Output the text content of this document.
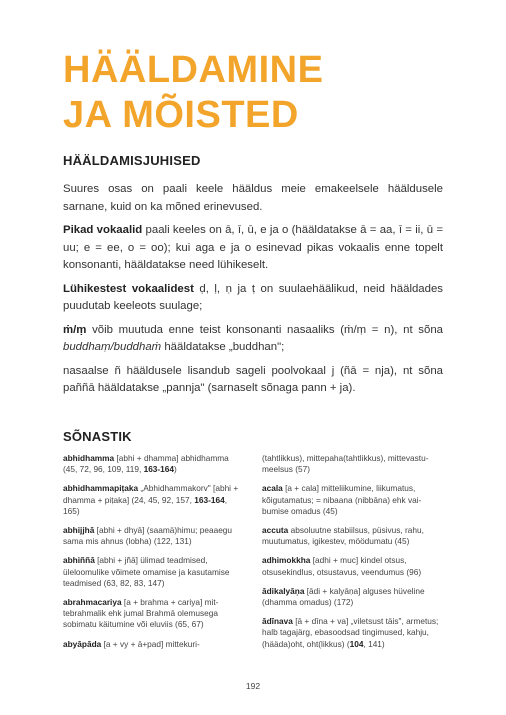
HÄÄLDAMINE
JA MÕISTED
HÄÄLDAMISJUHISED

Suures osas on paali keele hääldus meie emakeelsele hääldusele sarnane, kuid on ka mõned erinevused.

Pikad vokaalid paali keeles on ā, ī, ū, e ja o (hääldatakse ā = aa, ī = ii, ū = uu; e = ee, o = oo); kui aga e ja o esinevad pikas vokaalis enne topelt konsonanti, hääldatakse need lühikeselt.

Lühikestest vokaalidest ḍ, ḷ, ṇ ja ṭ on suulaehäälikud, neid hääldades puudutab keeleots suulage;

ṁ/ṃ võib muutuda enne teist konsonanti nasaaliks (ṁ/ṃ = n), nt sõna buddhaṃ/buddhaṁ hääldatakse „buddhan";

nasaalse ñ hääldusele lisandub sageli poolvokaal j (ñā = nja), nt sõna paññā hääldatakse „pannja" (sarnaselt sõnaga pann + ja).

SÕNASTIK
abhidhamma [abhi + dhamma] abhidhamma (45, 72, 96, 109, 119, 163-164)
abhidhammapiṭaka „Abhidhammakorv" [abhi + dhamma + piṭaka] (24, 45, 92, 157, 163-164, 165)
abhijjhā [abhi + dhyā] (saamä)himu; peaaegu sama mis ahnus (lobha) (122, 131)
abhiññā [abhi + jñā] ülimad teadmised, üleloomulike võimete omamise ja kasutamise teadmised (63, 82, 83, 147)
abrahmacariya [a + brahma + cariya] mittebrahmalik ehk jumal Brahmā olemusega sobimatu käitumine või eluviis (65, 67)
abyāpāda [a + vy + ā+pad] mittekuri-
(tahtlikkus), mittepaha(tahtlikkus), mittevastumeelsus (57)
acala [a + cala] mitteliikumine, liikumatus, kõigutamatus; = nibaana (nibbāna) ehk vaibumise omadus (45)
accuta absoluutne stabiilsus, püsivus, rahu, muutumatus, igikestev, möödumatu (45)
adhimokkha [adhi + muc] kindel otsus, otsusekindlus, otsustavus, veendumus (96)
ādikalyāṇa [ādi + kalyāṇa] alguses hüveline (dhamma omadus) (172)
ādīnava [ā + dīna + va] „viletsust täis", armetus; halb tagajärg, ebasoodsad tingimused, kahju, (hääda)oht, oht(likkus) (104, 141)
192
